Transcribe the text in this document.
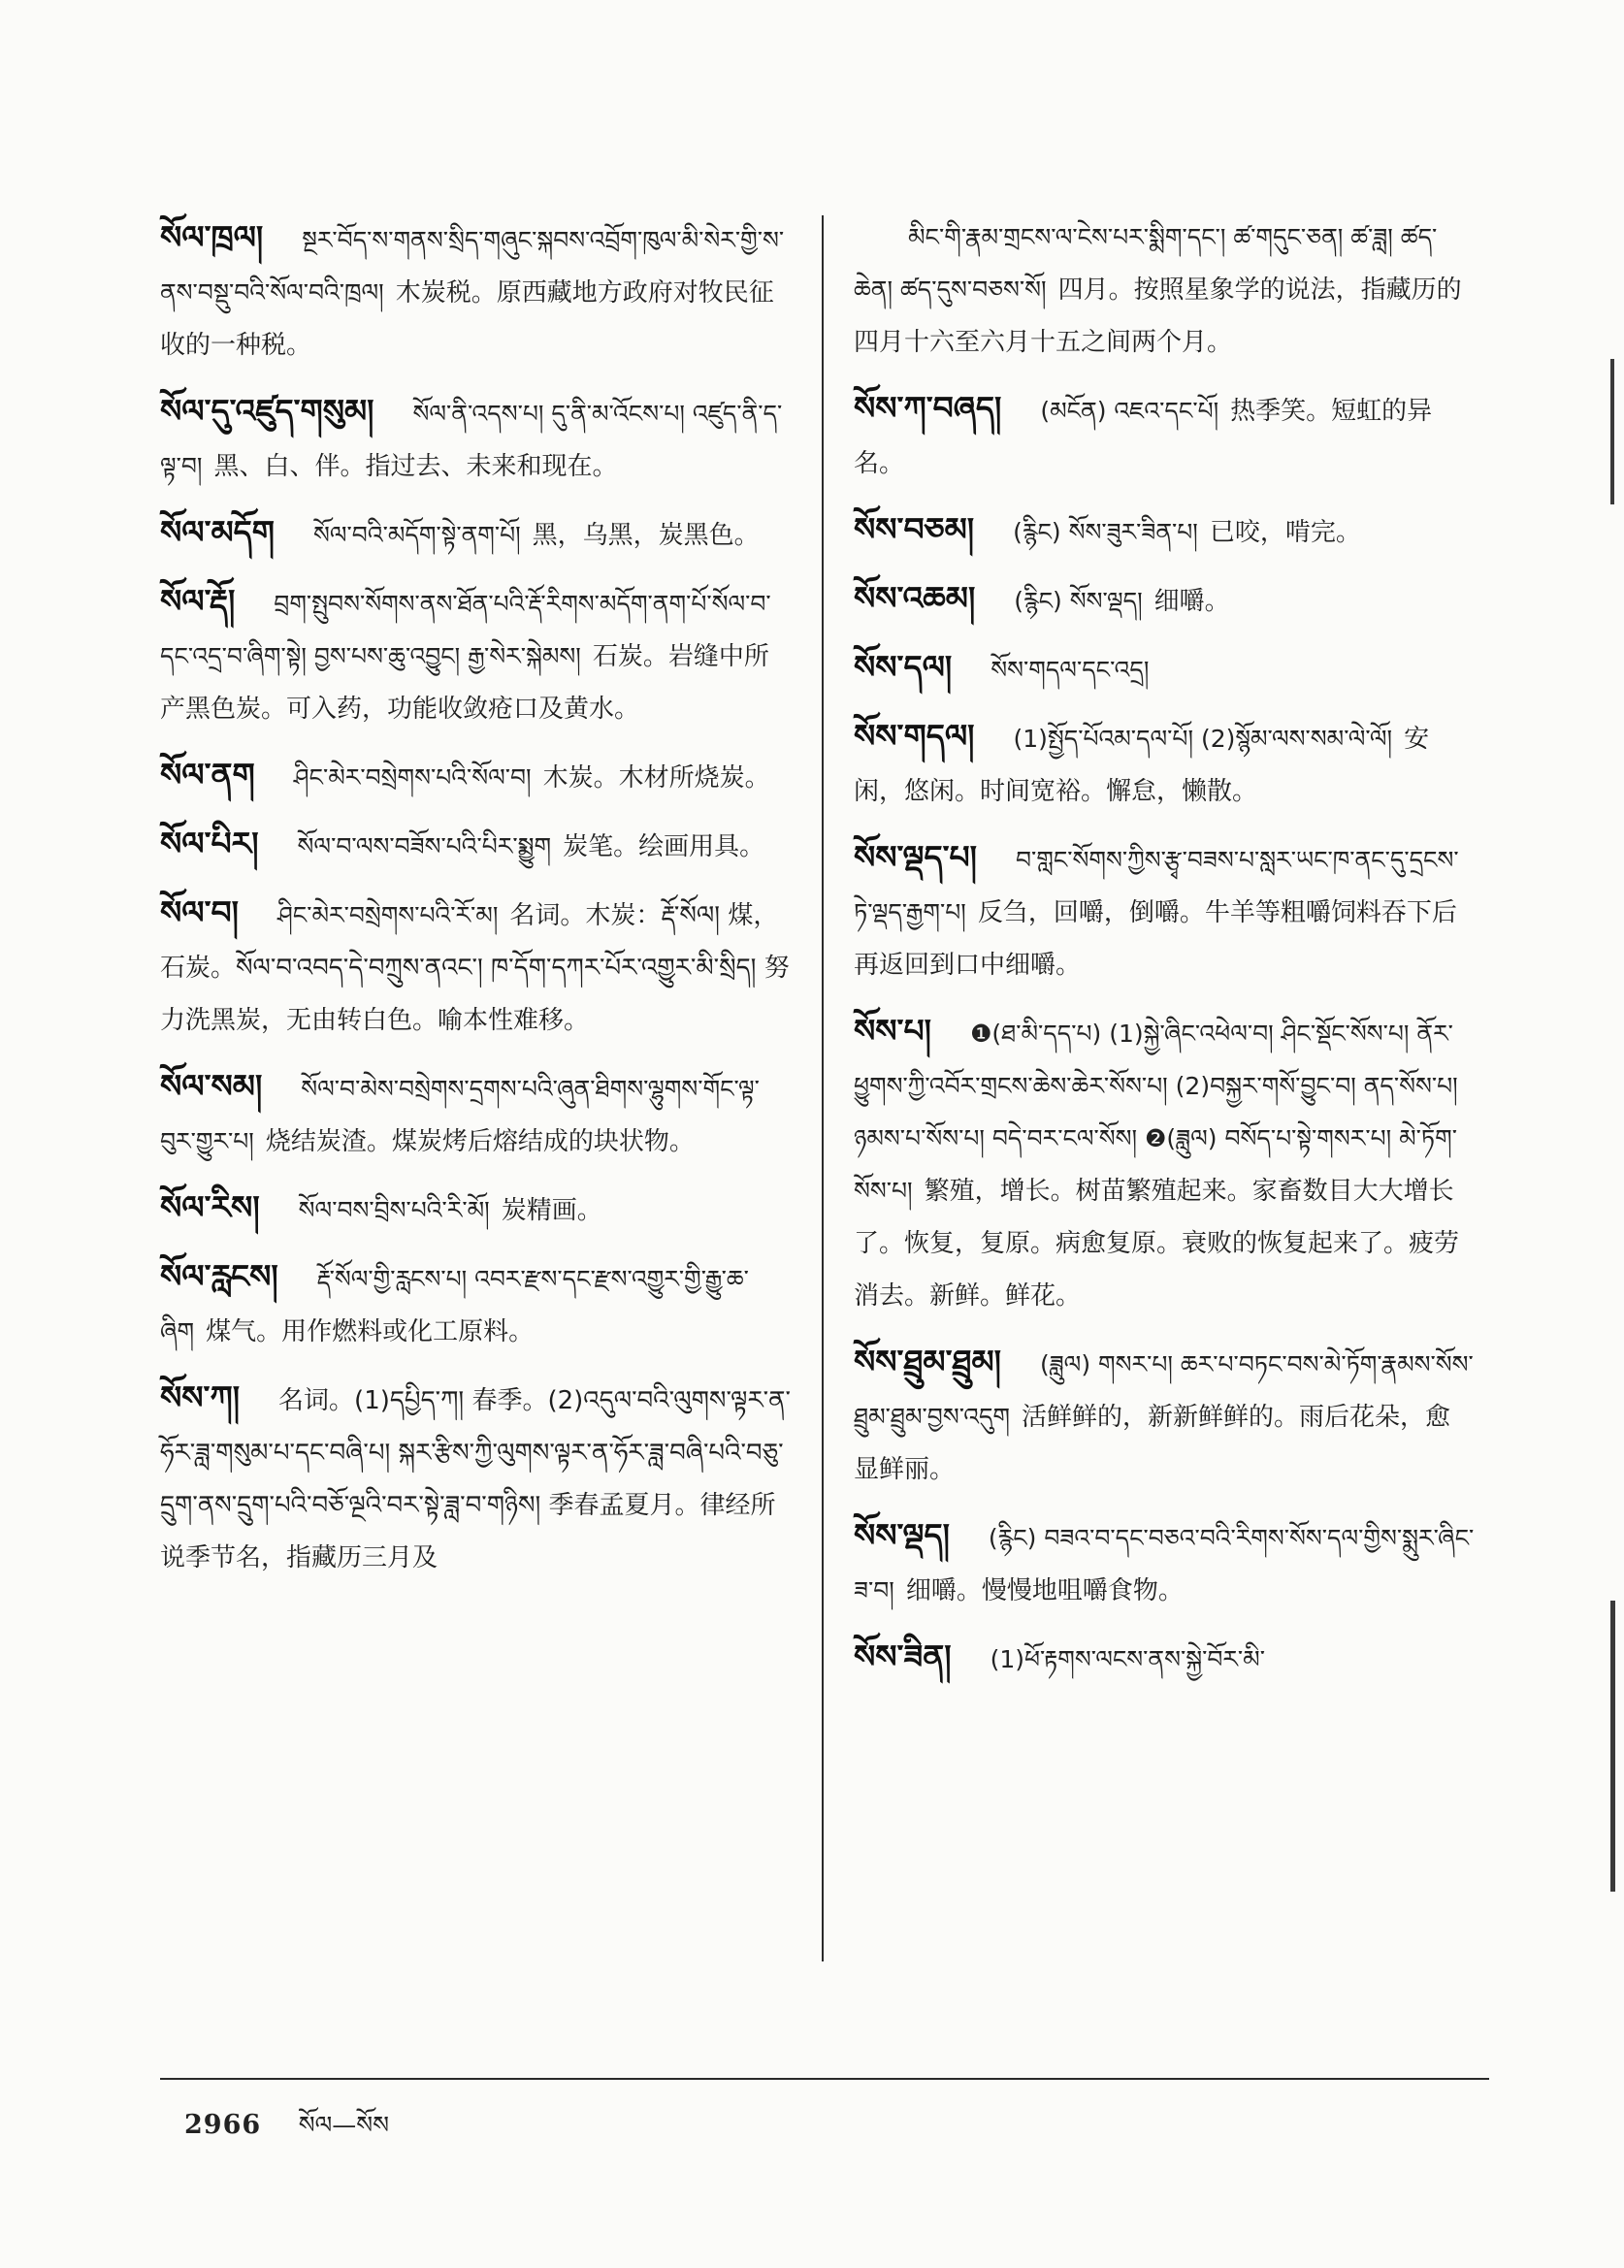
སོལ་ཁྲལ། སྔར་བོད་ས་གནས་སྲིད་གཞུང་སྐབས་འབྲོག་ཁུལ་མི་སེར་གྱི་ས་ནས་བསྡུ་བའི་སོལ་བའི་ཁྲལ། 木炭税。原西藏地方政府对牧民征收的一种税。
སོལ་དུ་འཛུད་གསུམ། སོལ་ནི་འདས་པ། དུ་ནི་མ་འོངས་པ། འཛུད་ནི་ད་ལྟ་བ། 黑、白、伴。指过去、未来和现在。
སོལ་མདོག སོལ་བའི་མདོག་སྟེ་ནག་པོ། 黑，乌黑，炭黑色。
སོལ་རྡོ། བྲག་སྤུབས་སོགས་ནས་ཐོན་པའི་རྡོ་རིགས་མདོག་ནག་པོ་སོལ་བ་དང་འདྲ་བ་ཞིག་སྟེ། བྱས་པས་ཆུ་འབྱུང། རྒྱ་སེར་སྐེམས། 石炭。岩缝中所产黑色炭。可入药，功能收敛疮口及黄水。
སོལ་ནག ཤིང་མེར་བསྲེགས་པའི་སོལ་བ། 木炭。木材所烧炭。
སོལ་པིར། སོལ་བ་ལས་བཟོས་པའི་པིར་སྨྱུག 炭笔。绘画用具。
སོལ་བ། ཤིང་མེར་བསྲེགས་པའི་རོ་མ། 名词。木炭：རྡོ་སོལ། 煤，石炭。སོལ་བ་འབད་དེ་བཀྲུས་ནའང་། ཁ་དོག་དཀར་པོར་འགྱུར་མི་སྲིད། 努力洗黑炭，无由转白色。喻本性难移。
སོལ་སམ། སོལ་བ་མེས་བསྲེགས་དྲགས་པའི་ཞུན་ཐིགས་ལྷུགས་གོང་ལྟ་བུར་གྱུར་པ། 烧结炭渣。煤炭烤后熔结成的块状物。
སོལ་རིས། སོལ་བས་བྲིས་པའི་རི་མོ། 炭精画。
སོལ་རླངས། རྡོ་སོལ་གྱི་རླངས་པ། འབར་རྫས་དང་རྫས་འགྱུར་གྱི་རྒྱུ་ཆ་ཞིག 煤气。用作燃料或化工原料。
སོས་ཀ། 名词。(1)དཔྱིད་ཀ། 春季。(2)འདུལ་བའི་ལུགས་ལྟར་ན་ཧོར་ཟླ་གསུམ་པ་དང་བཞི་པ། སྐར་རྩིས་ཀྱི་ལུགས་ལྟར་ན་ཧོར་ཟླ་བཞི་པའི་བཅུ་དྲུག་ནས་དྲུག་པའི་བཅོ་ལྔའི་བར་སྟེ་ཟླ་བ་གཉིས། 季春孟夏月。律经所说季节名，指藏历三月及
མིང་གི་རྣམ་གྲངས་ལ་ངེས་པར་སྨིག་དང་། ཚ་གདུང་ཅན། ཚ་ཟླ། ཚད་ཆེན། ཚད་དུས་བཅས་སོ། 四月。按照星象学的说法，指藏历的四月十六至六月十五之间两个月。
སོས་ཀ་བཞད། (མངོན) འཇའ་དང་པོ། 热季笑。短虹的异名。
སོས་བཅམ། (རྙིང) སོས་ཟུར་ཟིན་པ། 已咬，啃完。
སོས་འཆམ། (རྙིང) སོས་ལྡད། 细嚼。
སོས་དལ། སོས་གདལ་དང་འདྲ།
སོས་གདལ། (1)སྤྱོད་པོའམ་དལ་པོ། (2)སྙོམ་ལས་སམ་ལེ་ལོ། 安闲，悠闲。时间宽裕。懈怠，懒散。
སོས་ལྡད་པ། བ་གླང་སོགས་ཀྱིས་རྩྭ་བཟས་པ་སླར་ཡང་ཁ་ནང་དུ་དྲངས་ཏེ་ལྡད་རྒྱག་པ། 反刍，回嚼，倒嚼。牛羊等粗嚼饲料吞下后再返回到口中细嚼。
སོས་པ། ❶(ཐ་མི་དད་པ) (1)སྐྱེ་ཞིང་འཕེལ་བ། ཤིང་སྡོང་སོས་པ། ནོར་ཕྱུགས་ཀྱི་འབོར་གྲངས་ཆེས་ཆེར་སོས་པ། (2)བསྐྱར་གསོ་བྱུང་བ། ནད་སོས་པ། ཉམས་པ་སོས་པ། བདེ་བར་ངལ་སོས། ❷(ཟླུལ) བསོད་པ་སྟེ་གསར་པ། མེ་ཏོག་སོས་པ། 繁殖，增长。树苗繁殖起来。家畜数目大大增长了。恢复，复原。病愈复原。衰败的恢复起来了。疲劳消去。新鲜。鲜花。
སོས་ཐྲུམ་ཐྲུམ། (ཟླུལ) གསར་པ། ཆར་པ་བཏང་བས་མེ་ཏོག་རྣམས་སོས་ཐྲུམ་ཐྲུམ་བྱས་འདུག 活鲜鲜的，新新鲜鲜的。雨后花朵，愈显鲜丽。
སོས་ལྡད། (རྙིང) བཟའ་བ་དང་བཅའ་བའི་རིགས་སོས་དལ་གྱིས་སྨུར་ཞིང་ཟ་བ། 细嚼。慢慢地咀嚼食物。
སོས་ཟིན། (1)ཕོ་རྟགས་ལངས་ནས་སྐྱེ་བོར་མི་
2966 སོལ—སོས
